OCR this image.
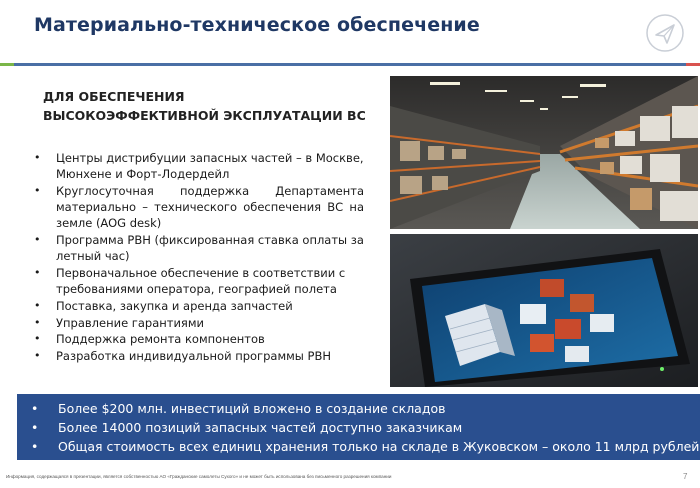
Материально-техническое обеспечение
ДЛЯ ОБЕСПЕЧЕНИЯ
ВЫСОКОЭФФЕКТИВНОЙ ЭКСПЛУАТАЦИИ ВС
• Центры дистрибуции запасных частей – в Москве, Мюнхене и Форт-Лодердейл
• Круглосуточная поддержка Департамента материально – технического обеспечения ВС на земле (AOG desk)
• Программа PBH (фиксированная ставка оплаты за летный час)
• Первоначальное обеспечение в соответствии с требованиями оператора, географией полета
• Поставка, закупка и аренда запчастей
• Управление гарантиями
• Поддержка ремонта компонентов
• Разработка индивидуальной программы PBH
• Более $200 млн. инвестиций вложено в создание складов
• Более 14000 позиций запасных частей доступно заказчикам
• Общая стоимость всех единиц хранения только на складе в Жуковском – около 11 млрд рублей
Информация, содержащаяся в презентации, является собственностью АО «Гражданские самолеты Сухого» и не может быть использована без письменного разрешения компании	7
